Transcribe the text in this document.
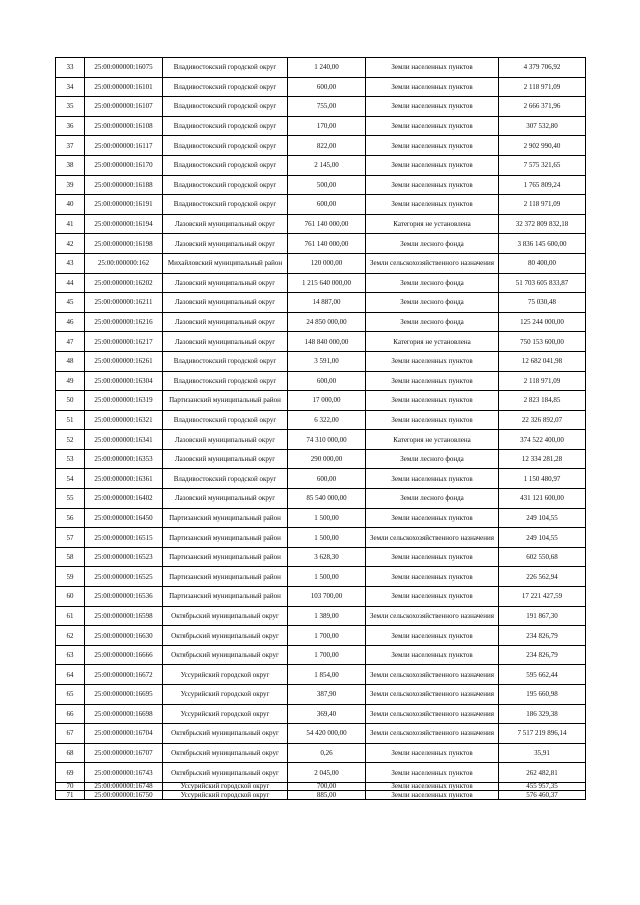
33	25:00:000000:16075	Владивостокский городской округ	1 240,00	Земли населенных пунктов	4 379 706,92
34	25:00:000000:16101	Владивостокский городской округ	600,00	Земли населенных пунктов	2 118 971,09
35	25:00:000000:16107	Владивостокский городской округ	755,00	Земли населенных пунктов	2 666 371,96
36	25:00:000000:16108	Владивостокский городской округ	170,00	Земли населенных пунктов	307 532,80
37	25:00:000000:16117	Владивостокский городской округ	822,00	Земли населенных пунктов	2 902 990,40
38	25:00:000000:16170	Владивостокский городской округ	2 145,00	Земли населенных пунктов	7 575 321,65
39	25:00:000000:16188	Владивостокский городской округ	500,00	Земли населенных пунктов	1 765 809,24
40	25:00:000000:16191	Владивостокский городской округ	600,00	Земли населенных пунктов	2 118 971,09
41	25:00:000000:16194	Лазовский муниципальный округ	761 140 000,00	Категория не установлена	32 372 809 832,18
42	25:00:000000:16198	Лазовский муниципальный округ	761 140 000,00	Земли лесного фонда	3 836 145 600,00
43	25:00:000000:162	Михайловский муниципальный район	120 000,00	Земли сельскохозяйственного назначения	80 400,00
44	25:00:000000:16202	Лазовский муниципальный округ	1 215 640 000,00	Земли лесного фонда	51 703 605 833,87
45	25:00:000000:16211	Лазовский муниципальный округ	14 887,00	Земли лесного фонда	75 030,48
46	25:00:000000:16216	Лазовский муниципальный округ	24 850 000,00	Земли лесного фонда	125 244 000,00
47	25:00:000000:16217	Лазовский муниципальный округ	148 840 000,00	Категория не установлена	750 153 600,00
48	25:00:000000:16261	Владивостокский городской округ	3 591,00	Земли населенных пунктов	12 682 041,98
49	25:00:000000:16304	Владивостокский городской округ	600,00	Земли населенных пунктов	2 118 971,09
50	25:00:000000:16319	Партизанский муниципальный район	17 000,00	Земли населенных пунктов	2 823 184,85
51	25:00:000000:16321	Владивостокский городской округ	6 322,00	Земли населенных пунктов	22 326 892,07
52	25:00:000000:16341	Лазовский муниципальный округ	74 310 000,00	Категория не установлена	374 522 400,00
53	25:00:000000:16353	Лазовский муниципальный округ	290 000,00	Земли лесного фонда	12 334 281,28
54	25:00:000000:16361	Владивостокский городской округ	600,00	Земли населенных пунктов	1 150 480,97
55	25:00:000000:16402	Лазовский муниципальный округ	85 540 000,00	Земли лесного фонда	431 121 600,00
56	25:00:000000:16450	Партизанский муниципальный район	1 500,00	Земли населенных пунктов	249 104,55
57	25:00:000000:16515	Партизанский муниципальный район	1 500,00	Земли сельскохозяйственного назначения	249 104,55
58	25:00:000000:16523	Партизанский муниципальный район	3 628,30	Земли населенных пунктов	602 550,68
59	25:00:000000:16525	Партизанский муниципальный район	1 500,00	Земли населенных пунктов	226 562,94
60	25:00:000000:16536	Партизанский муниципальный район	103 700,00	Земли населенных пунктов	17 221 427,59
61	25:00:000000:16598	Октябрьский муниципальный округ	1 389,00	Земли сельскохозяйственного назначения	191 867,30
62	25:00:000000:16630	Октябрьский муниципальный округ	1 700,00	Земли населенных пунктов	234 826,79
63	25:00:000000:16666	Октябрьский муниципальный округ	1 700,00	Земли населенных пунктов	234 826,79
64	25:00:000000:16672	Уссурийский городской округ	1 854,00	Земли сельскохозяйственного назначения	595 662,44
65	25:00:000000:16695	Уссурийский городской округ	387,90	Земли сельскохозяйственного назначения	195 660,98
66	25:00:000000:16698	Уссурийский городской округ	369,40	Земли сельскохозяйственного назначения	186 329,38
67	25:00:000000:16704	Октябрьский муниципальный округ	54 420 000,00	Земли сельскохозяйственного назначения	7 517 219 896,14
68	25:00:000000:16707	Октябрьский муниципальный округ	0,26	Земли населенных пунктов	35,91
69	25:00:000000:16743	Октябрьский муниципальный округ	2 045,00	Земли населенных пунктов	262 482,81
70	25:00:000000:16748	Уссурийский городской округ	700,00	Земли населенных пунктов	455 957,35
71	25:00:000000:16750	Уссурийский городской округ	885,00	Земли населенных пунктов	576 460,37
